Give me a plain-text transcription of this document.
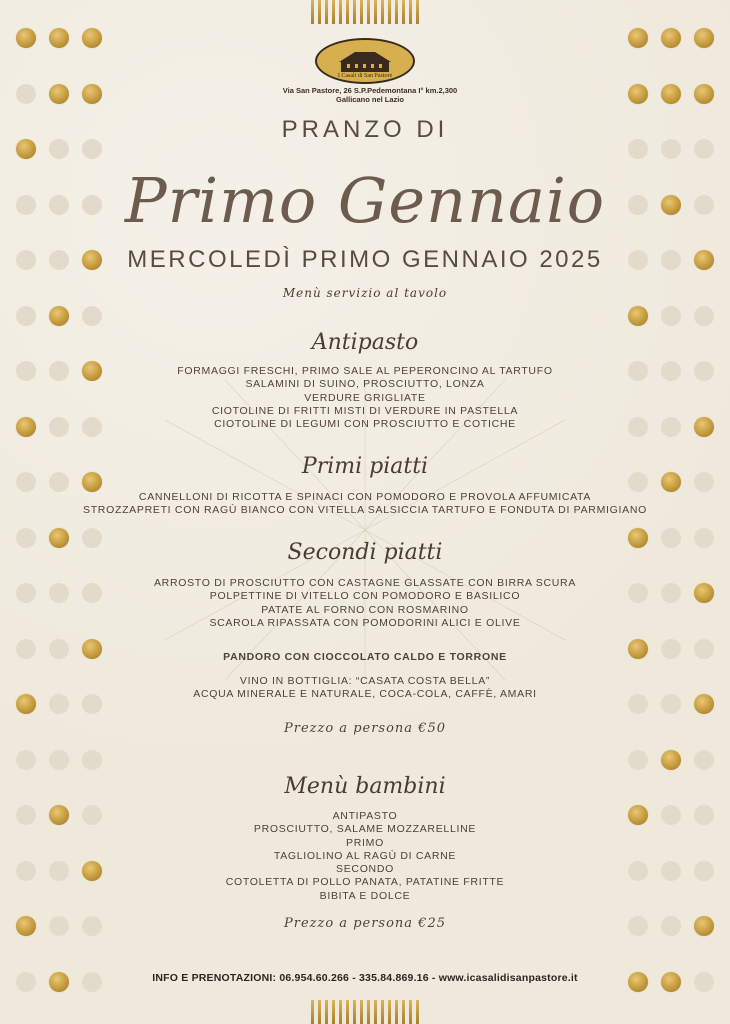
I Casali di San Pastore
Via San Pastore, 26 S.P.Pedemontana I° km.2,300
Gallicano nel Lazio
PRANZO DI
Primo Gennaio
MERCOLEDÌ PRIMO GENNAIO 2025
Menù servizio al tavolo
Antipasto
FORMAGGI FRESCHI, PRIMO SALE AL PEPERONCINO AL TARTUFO
SALAMINI DI SUINO, PROSCIUTTO, LONZA
VERDURE GRIGLIATE
CIOTOLINE DI FRITTI MISTI DI VERDURE IN PASTELLA
CIOTOLINE DI LEGUMI CON PROSCIUTTO E COTICHE
Primi piatti
CANNELLONI DI RICOTTA E SPINACI CON POMODORO E PROVOLA AFFUMICATA
STROZZAPRETI CON RAGÙ BIANCO CON VITELLA SALSICCIA TARTUFO E FONDUTA DI PARMIGIANO
Secondi piatti
ARROSTO DI PROSCIUTTO CON CASTAGNE GLASSATE CON BIRRA SCURA
POLPETTINE DI VITELLO CON POMODORO E BASILICO
PATATE AL FORNO CON ROSMARINO
SCAROLA RIPASSATA CON POMODORINI ALICI E OLIVE
PANDORO CON CIOCCOLATO CALDO E TORRONE
VINO IN BOTTIGLIA: “CASATA COSTA BELLA”
ACQUA MINERALE E NATURALE, COCA-COLA, CAFFÈ, AMARI
Prezzo a persona €50
Menù bambini
ANTIPASTO
PROSCIUTTO, SALAME MOZZARELLINE
PRIMO
TAGLIOLINO AL RAGÙ DI CARNE
SECONDO
COTOLETTA DI POLLO PANATA, PATATINE FRITTE
BIBITA E DOLCE
Prezzo a persona €25
INFO E PRENOTAZIONI: 06.954.60.266 - 335.84.869.16 - www.icasalidisanpastore.it
